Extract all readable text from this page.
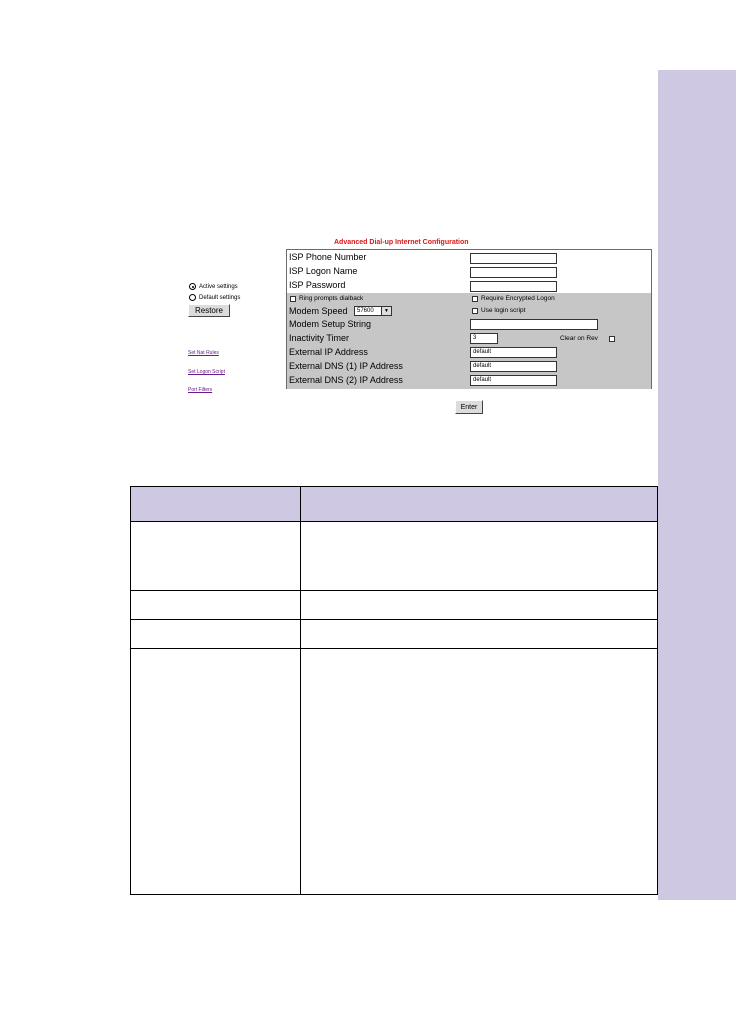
Advanced Dial-up Internet Configuration
Active settings
Default settings
Restore
Set Nat Rules
Set Logon Script
Port Filters
ISP Phone Number
ISP Logon Name
ISP Password
Ring prompts dialback	Require Encrypted Logon
Modem Speed	57600	▼	Use login script
Modem Setup String
Inactivity Timer	3	Clear on Rev
External IP Address	default
External DNS (1) IP Address	default
External DNS (2) IP Address	default
Enter
